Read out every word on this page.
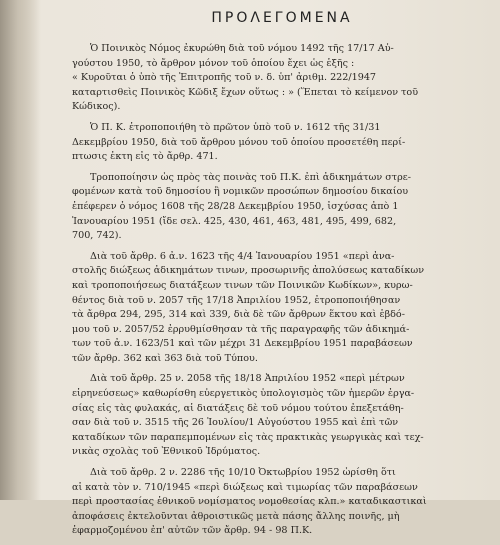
ΠΡΟΛΕΓΟΜΕΝΑ
Ὁ Ποινικὸς Νόμος ἐκυρώθη διὰ τοῦ νόμου 1492 τῆς 17/17 Αὐ-
γούστου 1950, τὸ ἄρθρον μόνον τοῦ ὁποίου ἔχει ὡς ἑξῆς :
« Κυροῦται ὁ ὑπὸ τῆς Ἐπιτροπῆς τοῦ ν. δ. ὑπ' ἀριθμ. 222/1947
καταρτισθεὶς Ποινικὸς Κῶδιξ ἔχων οὕτως : » (Ἕπεται τὸ κείμενον τοῦ
Κώδικος).
Ὁ Π. Κ. ἐτροποποιήθη τὸ πρῶτον ὑπὸ τοῦ ν. 1612 τῆς 31/31
Δεκεμβρίου 1950, διὰ τοῦ ἄρθρου μόνου τοῦ ὁποίου προσετέθη περί-
πτωσις ἐκτη εἰς τὸ ἄρθρ. 471.
Τροποποίησιν ὡς πρὸς τὰς ποινὰς τοῦ Π.Κ. ἐπὶ ἀδικημάτων στρε-
φομένων κατὰ τοῦ δημοσίου ἢ νομικῶν προσώπων δημοσίου δικαίου
ἐπέφερεν ὁ νόμος 1608 τῆς 28/28 Δεκεμβρίου 1950, ἰσχύσας ἀπὸ 1
Ἰανουαρίου 1951 (ἴδε σελ. 425, 430, 461, 463, 481, 495, 499, 682,
700, 742).
Διὰ τοῦ ἄρθρ. 6 ἀ.ν. 1623 τῆς 4/4 Ἰανουαρίου 1951 «περὶ ἀνα-
στολῆς διώξεως ἀδικημάτων τινων, προσωρινῆς ἀπολύσεως καταδίκων
καὶ τροποποιήσεως διατάξεων τινων τῶν Ποινικῶν Κωδίκων», κυρω-
θέντος διὰ τοῦ ν. 2057 τῆς 17/18 Ἀπριλίου 1952, ἐτροποποιήθησαν
τὰ ἄρθρα 294, 295, 314 καὶ 339, διὰ δὲ τῶν ἄρθρων ἕκτου καὶ ἑβδό-
μου τοῦ ν. 2057/52 ἐρρυθμίσθησαν τὰ τῆς παραγραφῆς τῶν ἀδικημά-
των τοῦ ἀ.ν. 1623/51 καὶ τῶν μέχρι 31 Δεκεμβρίου 1951 παραβάσεων
τῶν ἄρθρ. 362 καὶ 363 διὰ τοῦ Τύπου.
Διὰ τοῦ ἄρθρ. 25 ν. 2058 τῆς 18/18 Ἀπριλίου 1952 «περὶ μέτρων
εἰρηνεύσεως» καθωρίσθη εὐεργετικὸς ὑπολογισμὸς τῶν ἡμερῶν ἐργα-
σίας εἰς τὰς φυλακάς, αἱ διατάξεις δὲ τοῦ νόμου τούτου ἐπεξετάθη-
σαν διὰ τοῦ ν. 3515 τῆς 26 Ἰουλίου/1 Αὐγούστου 1955 καὶ ἐπὶ τῶν
καταδίκων τῶν παραπεμπομένων εἰς τὰς πρακτικὰς γεωργικὰς καὶ τεχ-
νικὰς σχολὰς τοῦ Ἐθνικοῦ Ἱδρύματος.
Διὰ τοῦ ἄρθρ. 2 ν. 2286 τῆς 10/10 Ὀκτωβρίου 1952 ὡρίσθη ὅτι
αἱ κατὰ τὸν ν. 710/1945 «περὶ διώξεως καὶ τιμωρίας τῶν παραβάσεων
περὶ προστασίας ἐθνικοῦ νομίσματος νομοθεσίας κλπ.» καταδικαστικαὶ
ἀποφάσεις ἐκτελοῦνται ἀθροιστικῶς μετὰ πάσης ἄλλης ποινῆς, μὴ
ἐφαρμοζομένου ἐπ' αὐτῶν τῶν ἄρθρ. 94 - 98 Π.Κ.
